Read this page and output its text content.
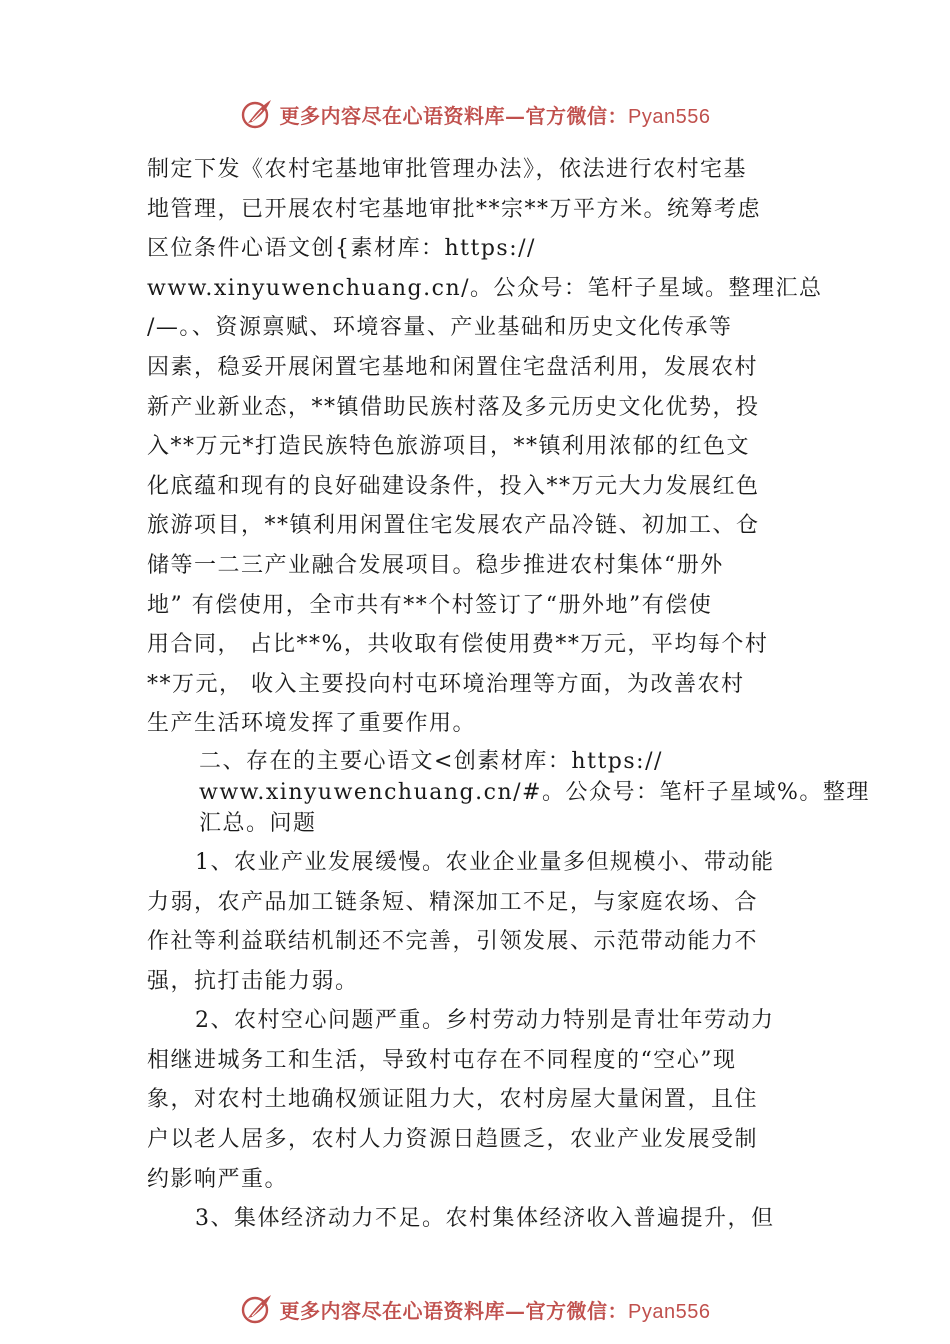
更多内容尽在心语资料库—官方微信：Pyan556

制定下发《农村宅基地审批管理办法》，依法进行农村宅基
地管理，已开展农村宅基地审批**宗**万平方米。统筹考虑
区位条件心语文创{素材库：https://
www.xinyuwenchuang.cn/。公众号：笔杆子星域。整理汇总
/—。、资源禀赋、环境容量、产业基础和历史文化传承等
因素，稳妥开展闲置宅基地和闲置住宅盘活利用，发展农村
新产业新业态，**镇借助民族村落及多元历史文化优势，投
入**万元*打造民族特色旅游项目，**镇利用浓郁的红色文
化底蕴和现有的良好础建设条件，投入**万元大力发展红色
旅游项目，**镇利用闲置住宅发展农产品冷链、初加工、仓
储等一二三产业融合发展项目。稳步推进农村集体“册外
地” 有偿使用，全市共有**个村签订了“册外地”有偿使
用合同， 占比**%，共收取有偿使用费**万元，平均每个村
**万元， 收入主要投向村屯环境治理等方面，为改善农村
生产生活环境发挥了重要作用。

二、存在的主要心语文<创素材库：https://
www.xinyuwenchuang.cn/#。公众号：笔杆子星域%。整理
汇总。问题

1、农业产业发展缓慢。农业企业量多但规模小、带动能
力弱，农产品加工链条短、精深加工不足，与家庭农场、合
作社等利益联结机制还不完善，引领发展、示范带动能力不
强，抗打击能力弱。

2、农村空心问题严重。乡村劳动力特别是青壮年劳动力
相继进城务工和生活，导致村屯存在不同程度的“空心”现
象，对农村土地确权颁证阻力大，农村房屋大量闲置，且住
户以老人居多，农村人力资源日趋匮乏，农业产业发展受制
约影响严重。

3、集体经济动力不足。农村集体经济收入普遍提升，但

更多内容尽在心语资料库—官方微信：Pyan556
